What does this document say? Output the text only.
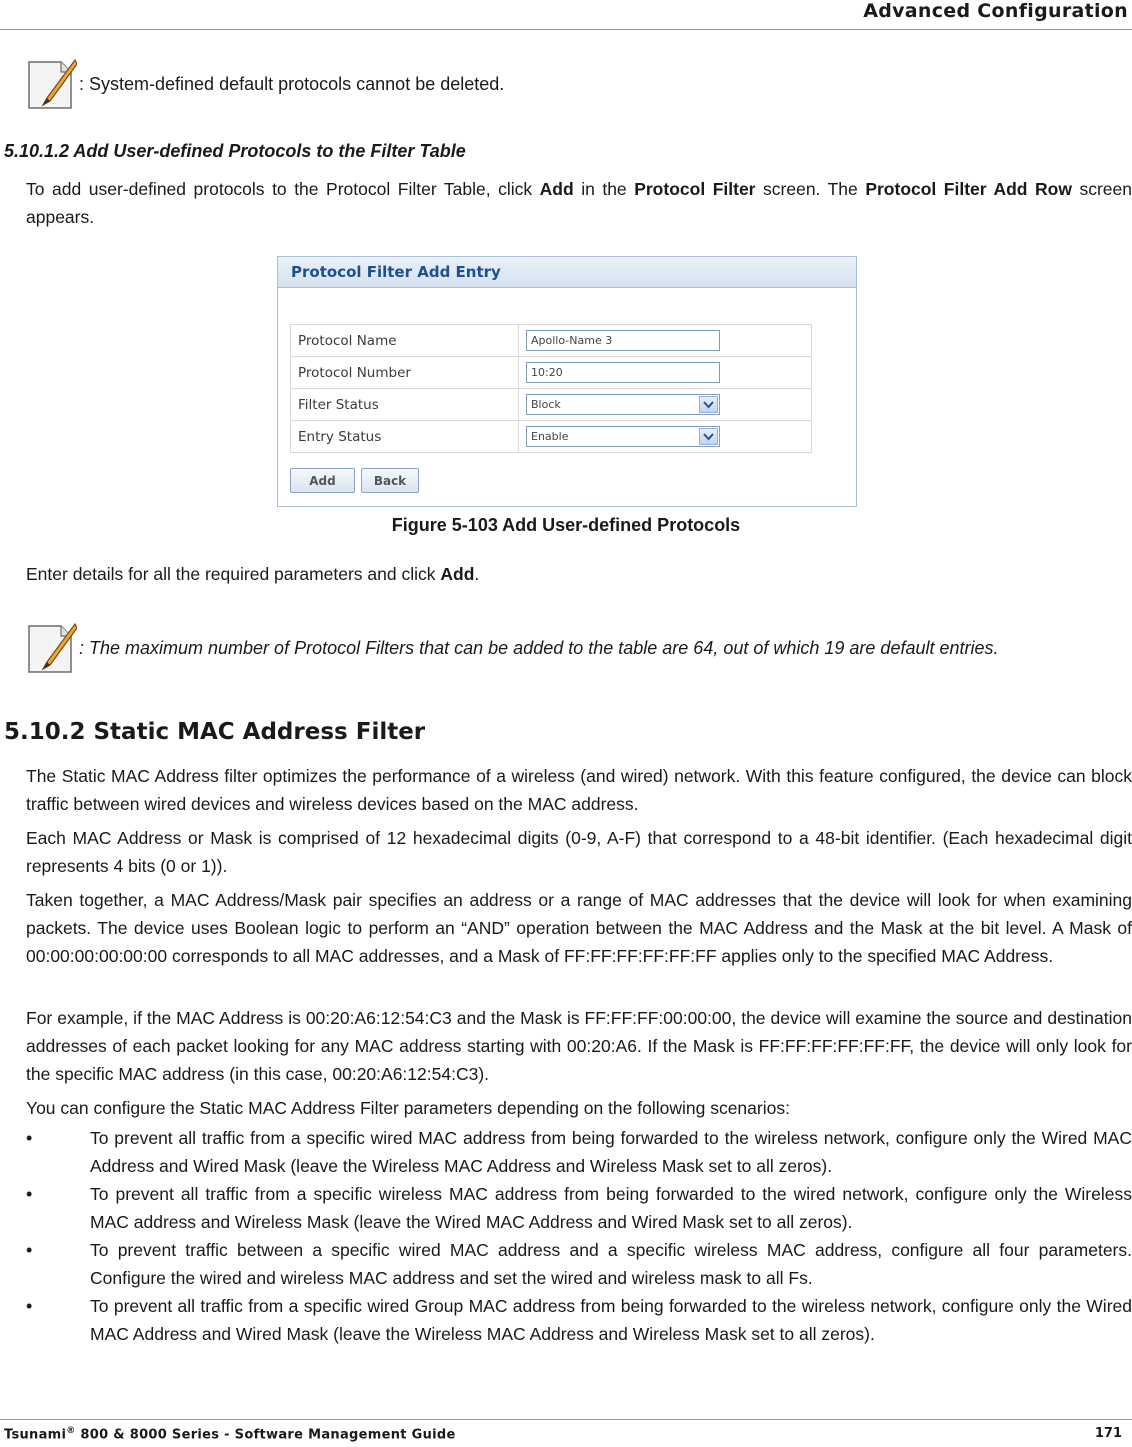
Advanced Configuration
: System-defined default protocols cannot be deleted.
5.10.1.2 Add User-defined Protocols to the Filter Table

To add user-defined protocols to the Protocol Filter Table, click Add in the Protocol Filter screen. The Protocol Filter Add Row screen appears.

Protocol Filter Add Entry
Protocol Name	Apollo-Name 3

Protocol Number	10:20

Filter Status	Block

Entry Status	Enable
Add	Back
Figure 5-103 Add User-defined Protocols

Enter details for all the required parameters and click Add.

: The maximum number of Protocol Filters that can be added to the table are 64, out of which 19 are default entries.
5.10.2 Static MAC Address Filter

The Static MAC Address filter optimizes the performance of a wireless (and wired) network. With this feature configured, the device can block traffic between wired devices and wireless devices based on the MAC address.

Each MAC Address or Mask is comprised of 12 hexadecimal digits (0-9, A-F) that correspond to a 48-bit identifier. (Each hexadecimal digit represents 4 bits (0 or 1)).

Taken together, a MAC Address/Mask pair specifies an address or a range of MAC addresses that the device will look for when examining packets. The device uses Boolean logic to perform an “AND” operation between the MAC Address and the Mask at the bit level. A Mask of 00:00:00:00:00:00 corresponds to all MAC addresses, and a Mask of FF:FF:FF:FF:FF:FF applies only to the specified MAC Address.

For example, if the MAC Address is 00:20:A6:12:54:C3 and the Mask is FF:FF:FF:00:00:00, the device will examine the source and destination addresses of each packet looking for any MAC address starting with 00:20:A6. If the Mask is FF:FF:FF:FF:FF:FF, the device will only look for the specific MAC address (in this case, 00:20:A6:12:54:C3).

You can configure the Static MAC Address Filter parameters depending on the following scenarios:

•	To prevent all traffic from a specific wired MAC address from being forwarded to the wireless network, configure only the Wired MAC Address and Wired Mask (leave the Wireless MAC Address and Wireless Mask set to all zeros).
•	To prevent all traffic from a specific wireless MAC address from being forwarded to the wired network, configure only the Wireless MAC address and Wireless Mask (leave the Wired MAC Address and Wired Mask set to all zeros).
•	To prevent traffic between a specific wired MAC address and a specific wireless MAC address, configure all four parameters. Configure the wired and wireless MAC address and set the wired and wireless mask to all Fs.
•	To prevent all traffic from a specific wired Group MAC address from being forwarded to the wireless network, configure only the Wired MAC Address and Wired Mask (leave the Wireless MAC Address and Wireless Mask set to all zeros).
Tsunami® 800 & 8000 Series - Software Management Guide	171
